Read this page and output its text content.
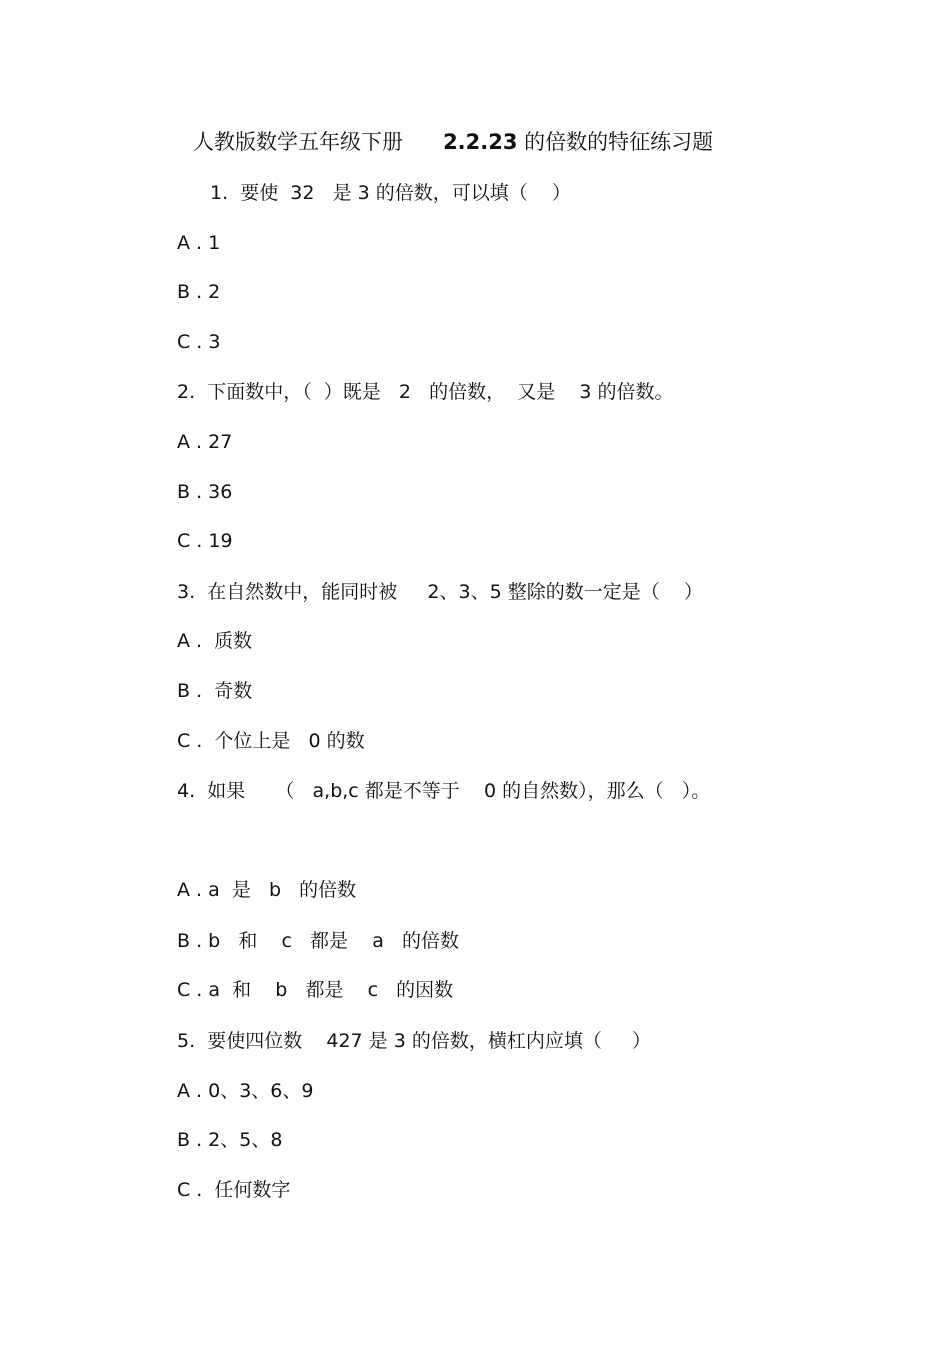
人教版数学五年级下册      2.2.23 的倍数的特征练习题
1.  要使  32   是 3 的倍数，可以填（    ）
A . 1
B . 2
C . 3
2.  下面数中，（  ）既是   2   的倍数，  又是    3 的倍数。
A . 27
B . 36
C . 19
3.  在自然数中，能同时被     2、3、5 整除的数一定是（    ）
A .  质数
B .  奇数
C .  个位上是   0 的数
4.  如果     （   a,b,c 都是不等于    0 的自然数），那么（   ）。
A . a  是   b   的倍数
B . b   和    c   都是    a   的倍数
C . a  和    b   都是    c   的因数
5.  要使四位数    427 是 3 的倍数，横杠内应填（     ）
A . 0、3、6、9
B . 2、5、8
C .  任何数字
